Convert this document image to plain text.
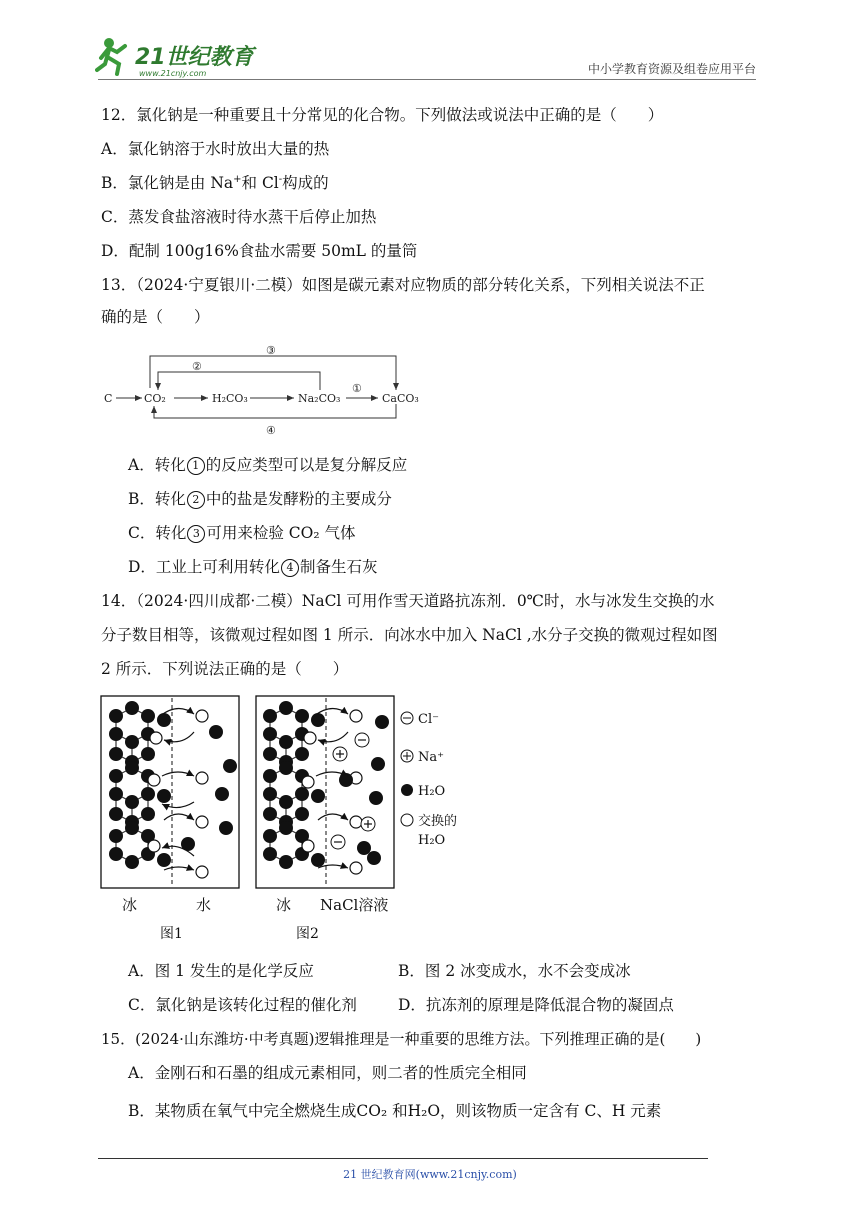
21世纪教育
www.21cnjy.com	中小学教育资源及组卷应用平台
12．氯化钠是一种重要且十分常见的化合物。下列做法或说法中正确的是（　　）
A．氯化钠溶于水时放出大量的热
B．氯化钠是由 Na+和 Cl-构成的
C．蒸发食盐溶液时待水蒸干后停止加热
D．配制 100g16%食盐水需要 50mL 的量筒
13．（2024·宁夏银川·二模）如图是碳元素对应物质的部分转化关系，下列相关说法不正
确的是（　　）
C	CO₂	H₂CO₃	Na₂CO₃	CaCO₃
③
②
①
④
A．转化 1 的反应类型可以是复分解反应
B．转化 2 中的盐是发酵粉的主要成分
C．转化 3 可用来检验 CO₂ 气体
D．工业上可利用转化 4 制备生石灰
14．（2024·四川成都·二模）NaCl 可用作雪天道路抗冻剂．0℃时，水与冰发生交换的水
分子数目相等，该微观过程如图 1 所示．向冰水中加入 NaCl ,水分子交换的微观过程如图
2 所示．下列说法正确的是（　　）
Cl⁻
Na⁺
H₂O
交换的
H₂O
冰	水
图1
冰 NaCl溶液
图2
A．图 1 发生的是化学反应	B．图 2 冰变成水，水不会变成冰
C．氯化钠是该转化过程的催化剂	D．抗冻剂的原理是降低混合物的凝固点
15．(2024·山东潍坊·中考真题)逻辑推理是一种重要的思维方法。下列推理正确的是(　　)
A．金刚石和石墨的组成元素相同，则二者的性质完全相同
B．某物质在氧气中完全燃烧生成CO₂ 和H₂O，则该物质一定含有 C、H 元素
21 世纪教育网(www.21cnjy.com)
